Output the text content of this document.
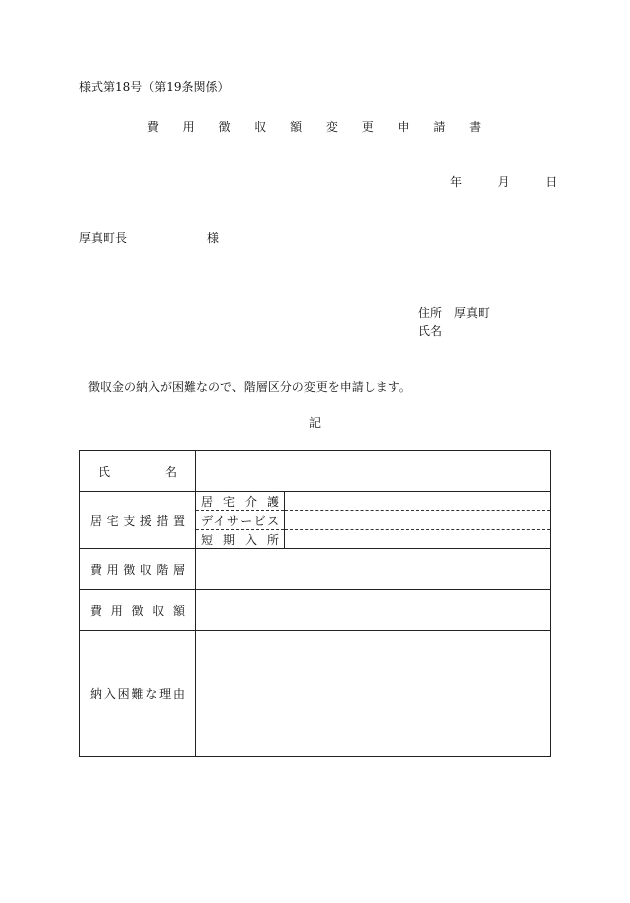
様式第18号（第19条関係）
費 用 徴 収 額 変 更 申 請 書
年	月	日
厚真町長	様
住所 厚真町
氏名
徴収金の納入が困難なので、階層区分の変更を申請します。
記
氏名		

居宅支援措置	居宅介護	

	デイサービス	

	短期入所	

費用徴収階層		

費用徴収額		

納入困難な理由		
